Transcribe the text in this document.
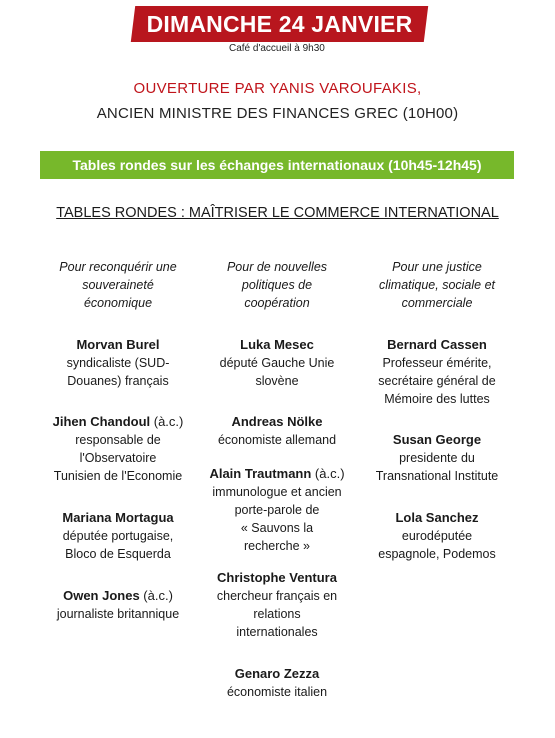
DIMANCHE 24 JANVIER
Café d'accueil à 9h30
OUVERTURE PAR YANIS VAROUFAKIS,
ANCIEN MINISTRE DES FINANCES GREC (10H00)
Tables rondes sur les échanges internationaux (10h45-12h45)
TABLES RONDES : MAÎTRISER LE COMMERCE INTERNATIONAL
Pour reconquérir une
souveraineté
économique
Morvan Burel
syndicaliste (SUD-
Douanes) français
Jihen Chandoul (à.c.)
responsable de
l'Observatoire
Tunisien de l'Economie
Mariana Mortagua
députée portugaise,
Bloco de Esquerda
Owen Jones (à.c.)
journaliste britannique
Pour de nouvelles
politiques de
coopération
Luka Mesec
député Gauche Unie
slovène
Andreas Nölke
économiste allemand
Alain Trautmann (à.c.)
immunologue et ancien
porte-parole de
« Sauvons la
recherche »
Christophe Ventura
chercheur français en
relations
internationales
Genaro Zezza
économiste italien
Pour une justice
climatique, sociale et
commerciale
Bernard Cassen
Professeur émérite,
secrétaire général de
Mémoire des luttes
Susan George
presidente du
Transnational Institute
Lola Sanchez
eurodéputée
espagnole, Podemos
